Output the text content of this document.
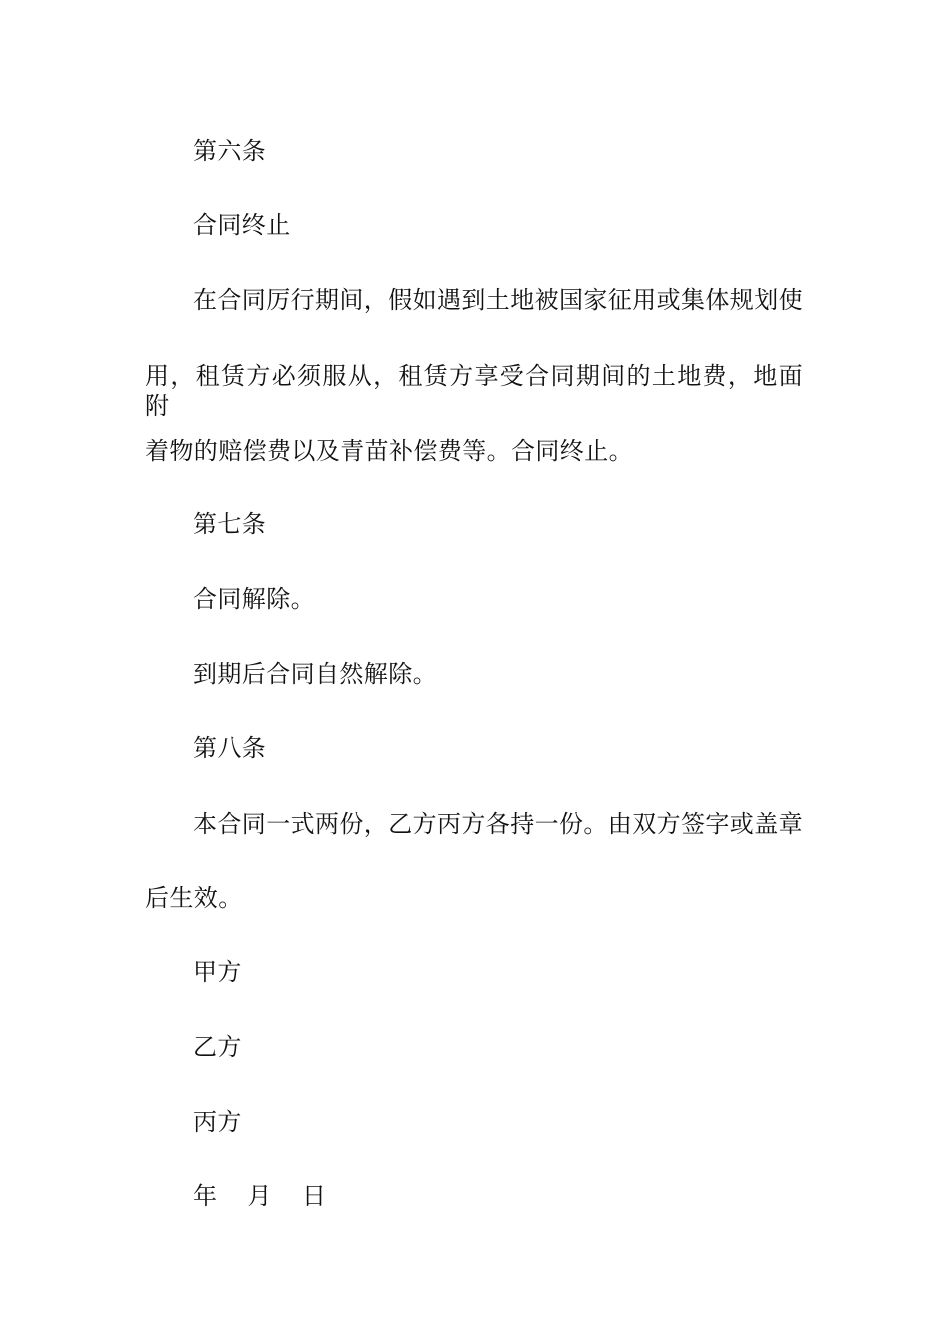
第六条
合同终止
在合同厉行期间，假如遇到土地被国家征用或集体规划使
用，租赁方必须服从，租赁方享受合同期间的土地费，地面附
着物的赔偿费以及青苗补偿费等。合同终止。
第七条
合同解除。
到期后合同自然解除。
第八条
本合同一式两份，乙方丙方各持一份。由双方签字或盖章
后生效。
甲方
乙方
丙方
年 月 日
